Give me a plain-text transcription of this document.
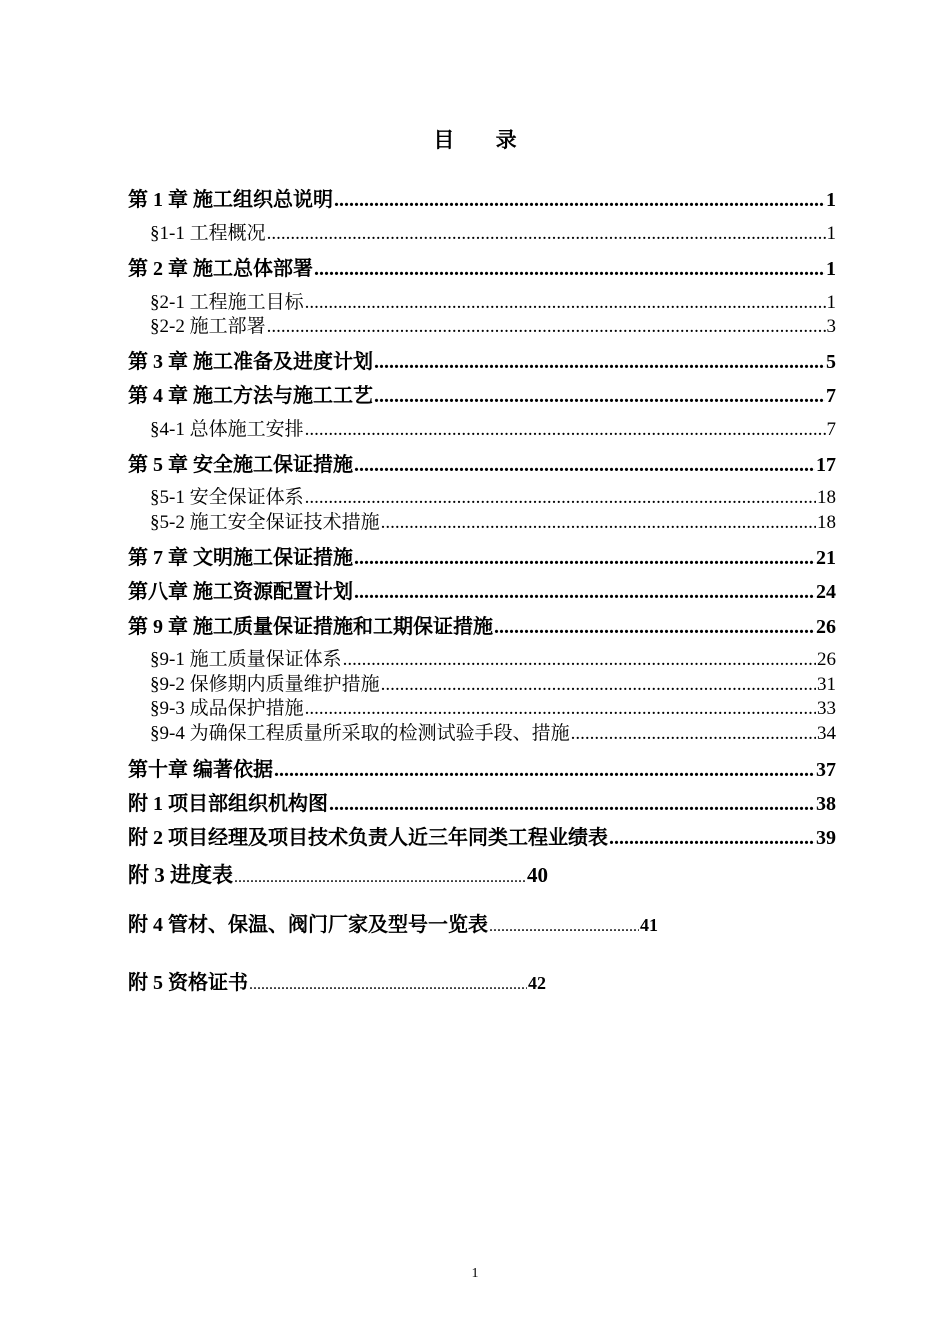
目 录
第 1 章 施工组织总说明 .....	1
§1-1 工程概况 .....	1
第 2 章 施工总体部署 .....	1
§2-1 工程施工目标 .....	1
§2-2 施工部署 .....	3
第 3 章 施工准备及进度计划 .....	5
第 4 章 施工方法与施工工艺 .....	7
§4-1 总体施工安排 .....	7
第 5 章 安全施工保证措施 .....	17
§5-1 安全保证体系 .....	18
§5-2 施工安全保证技术措施 .....	18
第 7 章 文明施工保证措施 .....	21
第八章 施工资源配置计划 .....	24
第 9 章 施工质量保证措施和工期保证措施 .....	26
§9-1 施工质量保证体系 .....	26
§9-2 保修期内质量维护措施 .....	31
§9-3 成品保护措施 .....	33
§9-4 为确保工程质量所采取的检测试验手段、措施 .....	34
第十章 编著依据 .....	37
附 1 项目部组织机构图 .....	38
附 2 项目经理及项目技术负责人近三年同类工程业绩表 .....	39
附 3 进度表 .....	40
附 4 管材、保温、阀门厂家及型号一览表 .....	41
附 5 资格证书 .....	42
1
